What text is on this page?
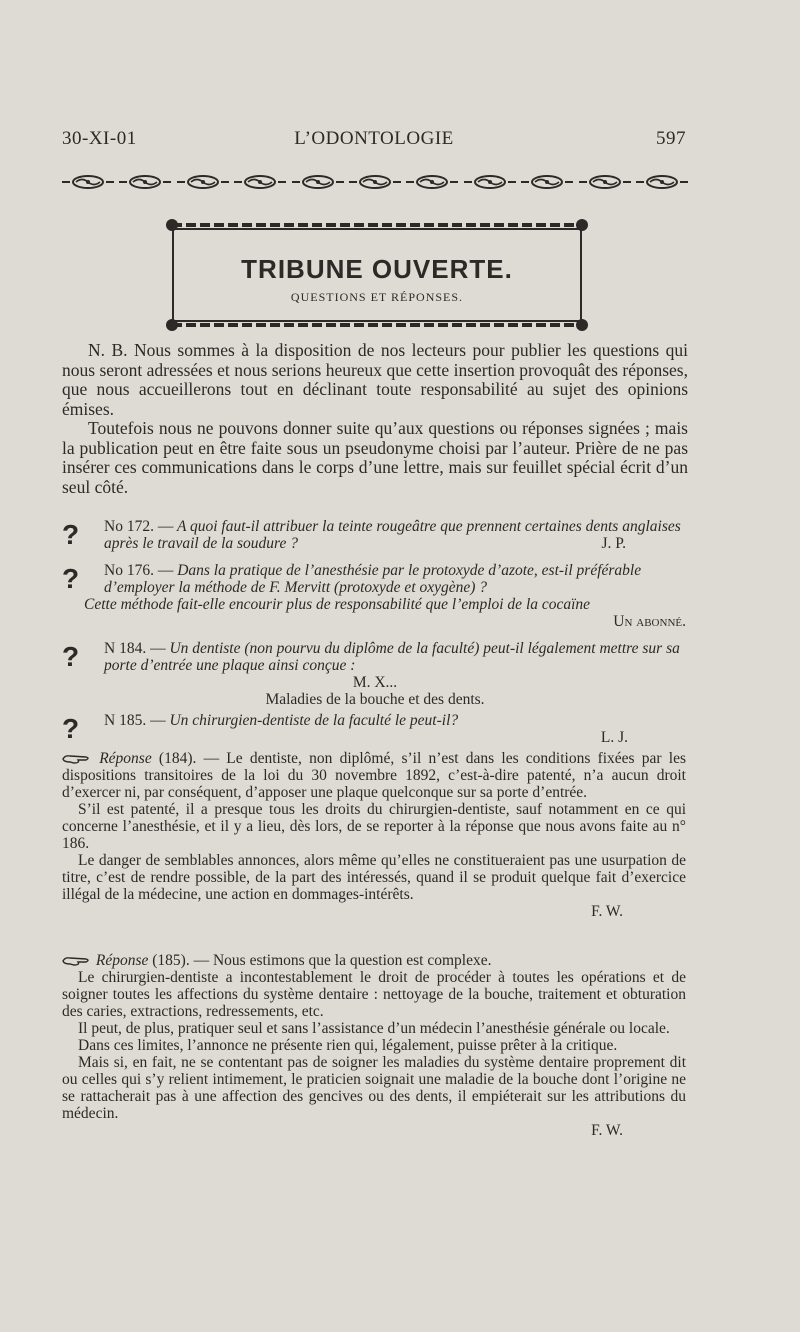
30-XI-01	L’ODONTOLOGIE	597
TRIBUNE OUVERTE.
QUESTIONS ET RÉPONSES.

N. B. Nous sommes à la disposition de nos lecteurs pour publier les questions qui nous seront adressées et nous serions heureux que cette insertion provoquât des réponses, que nous accueillerons tout en déclinant toute responsabilité au sujet des opinions émises.

Toutefois nous ne pouvons donner suite qu’aux questions ou réponses signées ; mais la publication peut en être faite sous un pseudonyme choisi par l’auteur. Prière de ne pas insérer ces communications dans le corps d’une lettre, mais sur feuillet spécial écrit d’un seul côté.

? No 172. — A quoi faut-il attribuer la teinte rougeâtre que prennent certaines dents anglaises après le travail de la soudure ?	J. P.
? No 176. — Dans la pratique de l’anesthésie par le protoxyde d’azote, est-il préférable d’employer la méthode de F. Mervitt (protoxyde et oxygène) ?
Cette méthode fait-elle encourir plus de responsabilité que l’emploi de la cocaïne
Un abonné.
? N 184. — Un dentiste (non pourvu du diplôme de la faculté) peut-il légalement mettre sur sa porte d’entrée une plaque ainsi conçue :
M. X...
Maladies de la bouche et des dents.
? N 185. — Un chirurgien-dentiste de la faculté le peut-il?
L. J.

Réponse (184). — Le dentiste, non diplômé, s’il n’est dans les conditions fixées par les dispositions transitoires de la loi du 30 novembre 1892, c’est-à-dire patenté, n’a aucun droit d’exercer ni, par conséquent, d’apposer une plaque quelconque sur sa porte d’entrée.

S’il est patenté, il a presque tous les droits du chirurgien-dentiste, sauf notamment en ce qui concerne l’anesthésie, et il y a lieu, dès lors, de se reporter à la réponse que nous avons faite au n° 186.

Le danger de semblables annonces, alors même qu’elles ne constitueraient pas une usurpation de titre, c’est de rendre possible, de la part des intéressés, quand il se produit quelque fait d’exercice illégal de la médecine, une action en dommages-intérêts.

F. W.

Réponse (185). — Nous estimons que la question est complexe.

Le chirurgien-dentiste a incontestablement le droit de procéder à toutes les opérations et de soigner toutes les affections du système dentaire : nettoyage de la bouche, traitement et obturation des caries, extractions, redressements, etc.

Il peut, de plus, pratiquer seul et sans l’assistance d’un médecin l’anesthésie générale ou locale.

Dans ces limites, l’annonce ne présente rien qui, légalement, puisse prêter à la critique.

Mais si, en fait, ne se contentant pas de soigner les maladies du système dentaire proprement dit ou celles qui s’y relient intimement, le praticien soignait une maladie de la bouche dont l’origine ne se rattacherait pas à une affection des gencives ou des dents, il empiéterait sur les attributions du médecin.

F. W.
